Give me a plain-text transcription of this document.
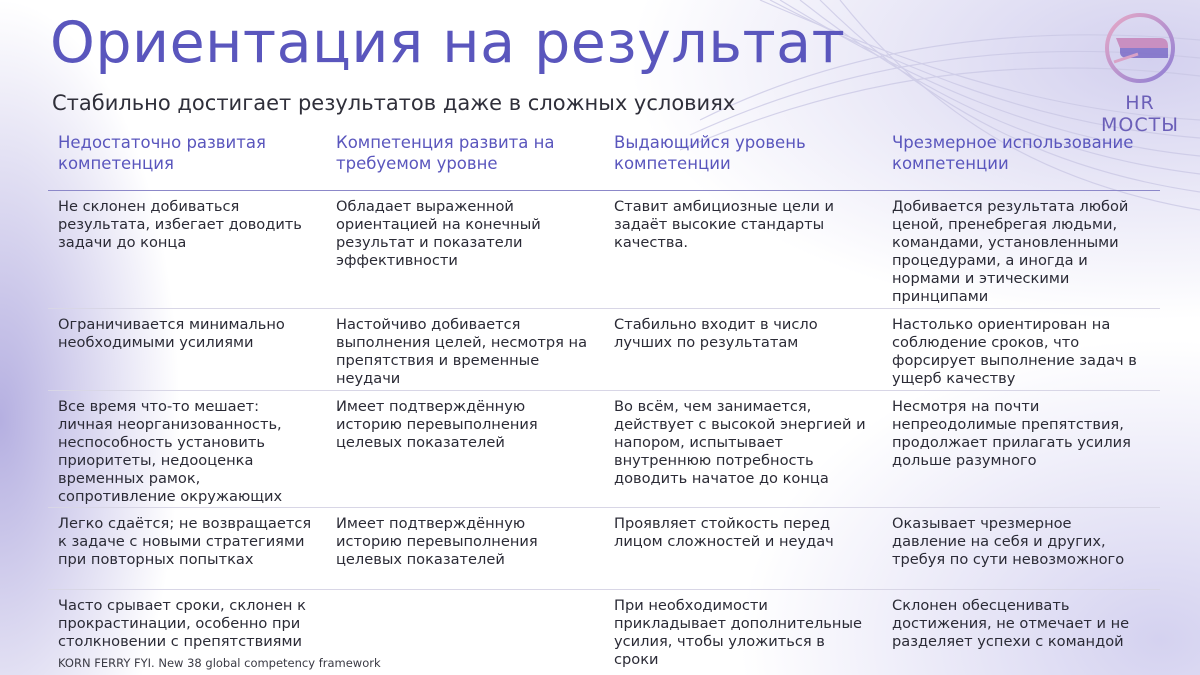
Ориентация на результат
Стабильно достигает результатов даже в сложных условиях	HR МОСТЫ
Недостаточно развитая компетенция
Компетенция развита на требуемом уровне
Выдающийся уровень компетенции
Чрезмерное использование компетенции
Не склонен добиваться результата, избегает доводить задачи до конца
Обладает выраженной ориентацией на конечный результат и показатели эффективности
Ставит амбициозные цели и задаёт высокие стандарты качества.
Добивается результата любой ценой, пренебрегая людьми, командами, установленными процедурами, а иногда и нормами и этическими принципами
Ограничивается минимально необходимыми усилиями
Настойчиво добивается выполнения целей, несмотря на препятствия и временные неудачи
Стабильно входит в число лучших по результатам
Настолько ориентирован на соблюдение сроков, что форсирует выполнение задач в ущерб качеству
Все время что-то мешает: личная неорганизованность, неспособность установить приоритеты, недооценка временных рамок, сопротивление окружающих
Имеет подтверждённую историю перевыполнения целевых показателей
Во всём, чем занимается, действует с высокой энергией и напором, испытывает внутреннюю потребность доводить начатое до конца
Несмотря на почти непреодолимые препятствия, продолжает прилагать усилия дольше разумного
Легко сдаётся; не возвращается к задаче с новыми стратегиями при повторных попытках
Имеет подтверждённую историю перевыполнения целевых показателей
Проявляет стойкость перед лицом сложностей и неудач
Оказывает чрезмерное давление на себя и других, требуя по сути невозможного
Часто срывает сроки, склонен к прокрастинации, особенно при столкновении с препятствиями
При необходимости прикладывает дополнительные усилия, чтобы уложиться в сроки
Склонен обесценивать достижения, не отмечает и не разделяет успехи с командой
KORN FERRY FYI. New 38 global competency framework
